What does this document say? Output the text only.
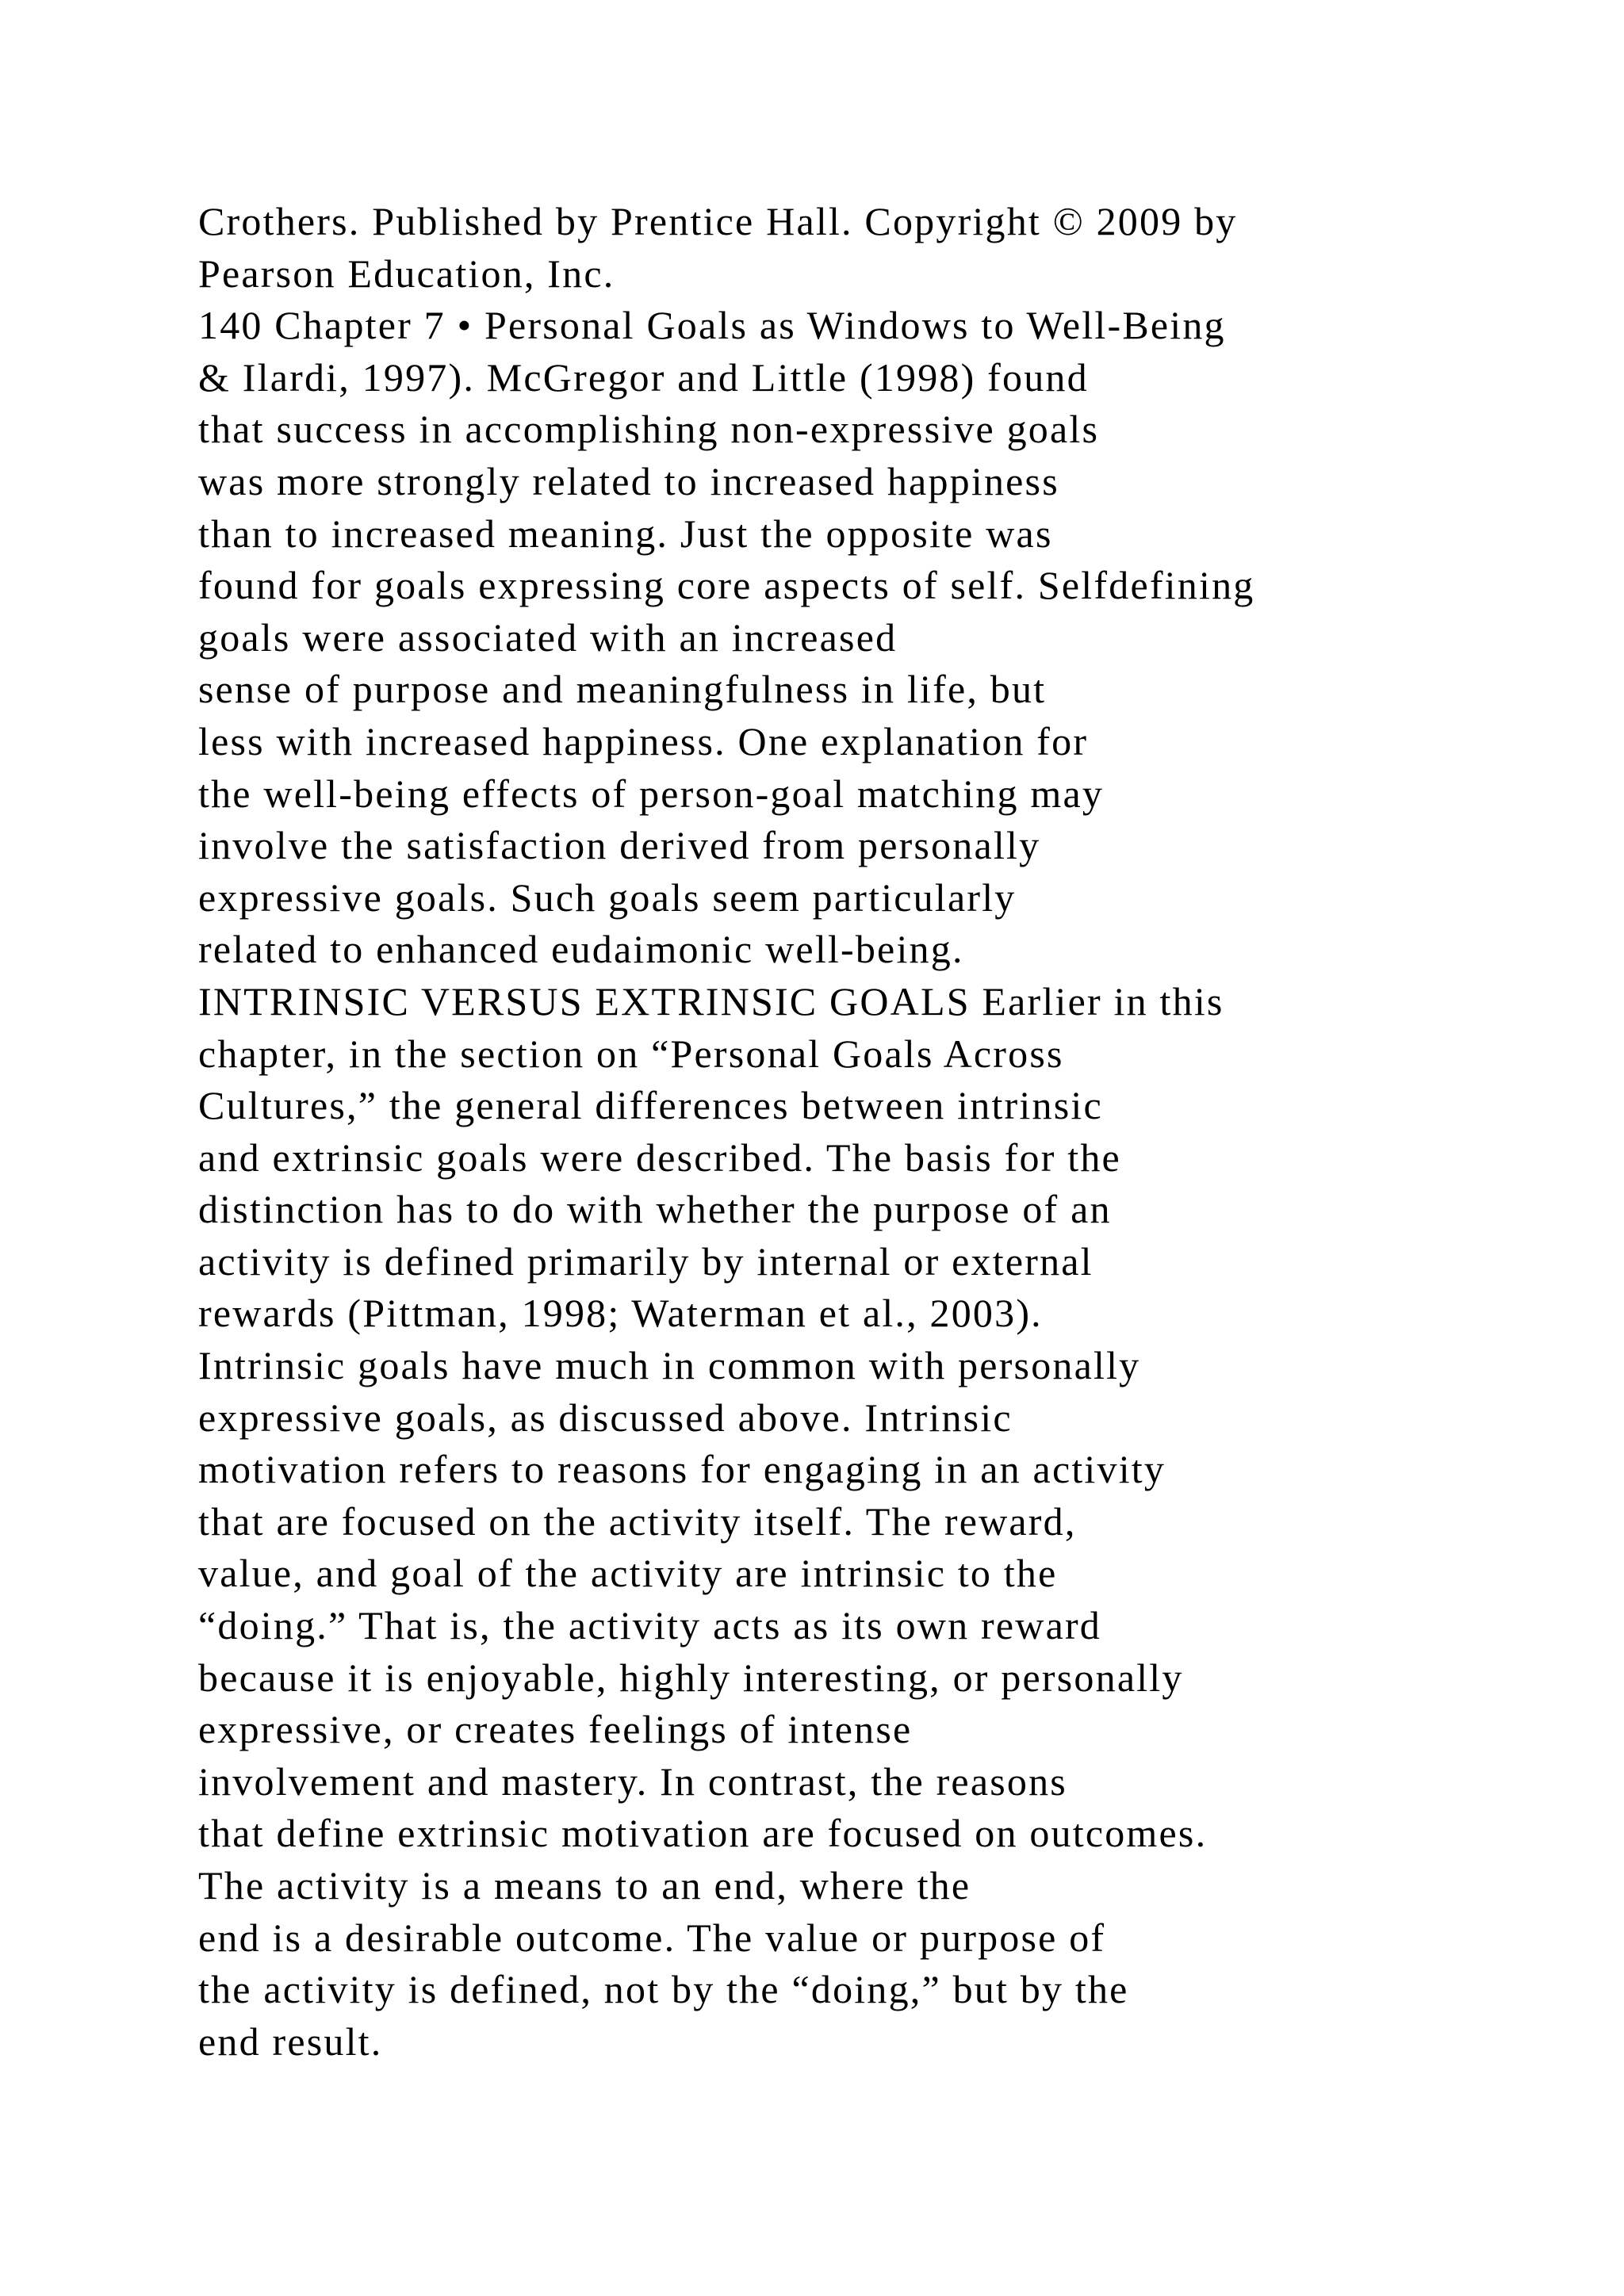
Crothers. Published by Prentice Hall. Copyright © 2009 by
Pearson Education, Inc.
140 Chapter 7 • Personal Goals as Windows to Well-Being
& Ilardi, 1997). McGregor and Little (1998) found
that success in accomplishing non-expressive goals
was more strongly related to increased happiness
than to increased meaning. Just the opposite was
found for goals expressing core aspects of self. Selfdefining
goals were associated with an increased
sense of purpose and meaningfulness in life, but
less with increased happiness. One explanation for
the well-being effects of person-goal matching may
involve the satisfaction derived from personally
expressive goals. Such goals seem particularly
related to enhanced eudaimonic well-being.
INTRINSIC VERSUS EXTRINSIC GOALS Earlier in this
chapter, in the section on “Personal Goals Across
Cultures,” the general differences between intrinsic
and extrinsic goals were described. The basis for the
distinction has to do with whether the purpose of an
activity is defined primarily by internal or external
rewards (Pittman, 1998; Waterman et al., 2003).
Intrinsic goals have much in common with personally
expressive goals, as discussed above. Intrinsic
motivation refers to reasons for engaging in an activity
that are focused on the activity itself. The reward,
value, and goal of the activity are intrinsic to the
“doing.” That is, the activity acts as its own reward
because it is enjoyable, highly interesting, or personally
expressive, or creates feelings of intense
involvement and mastery. In contrast, the reasons
that define extrinsic motivation are focused on outcomes.
The activity is a means to an end, where the
end is a desirable outcome. The value or purpose of
the activity is defined, not by the “doing,” but by the
end result.
